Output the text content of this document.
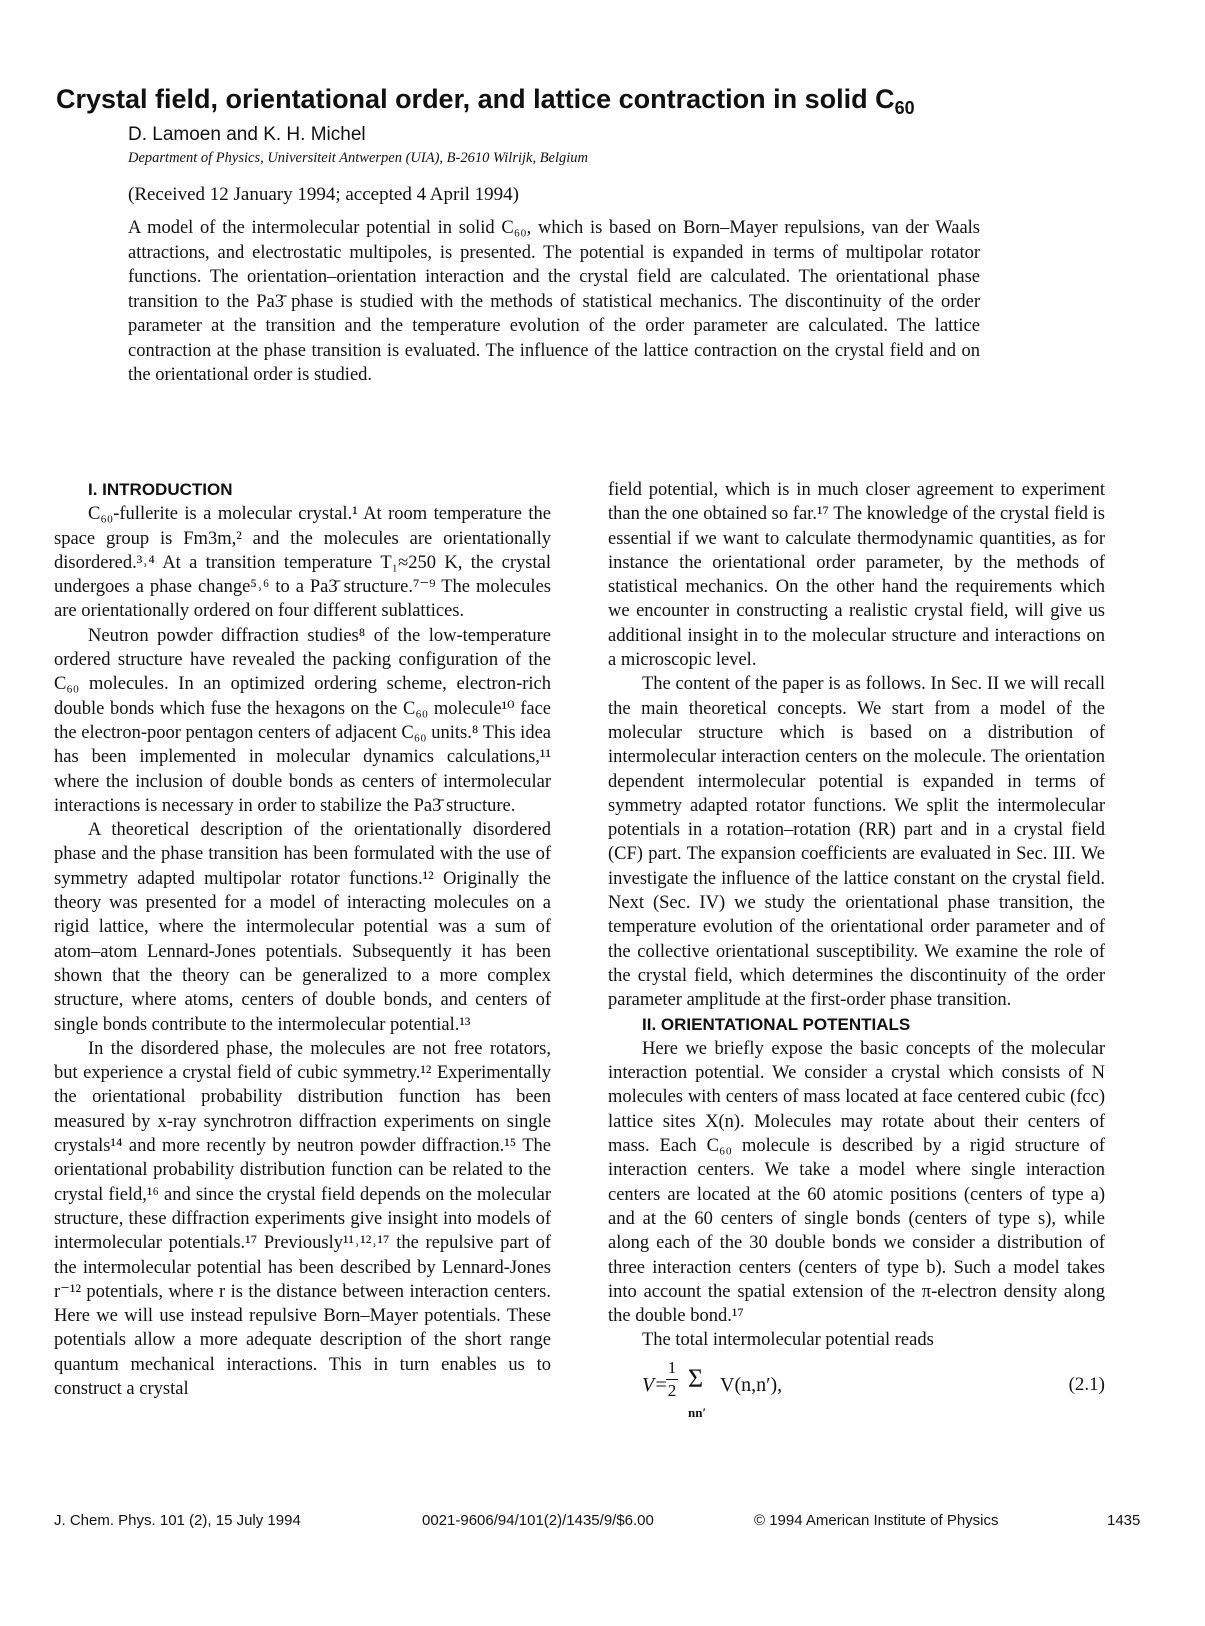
Crystal field, orientational order, and lattice contraction in solid $C_{60}$
D. Lamoen and K. H. Michel
Department of Physics, Universiteit Antwerpen (UIA), B-2610 Wilrijk, Belgium
(Received 12 January 1994; accepted 4 April 1994)
A model of the intermolecular potential in solid C₆₀, which is based on Born–Mayer repulsions, van der Waals attractions, and electrostatic multipoles, is presented. The potential is expanded in terms of multipolar rotator functions. The orientation–orientation interaction and the crystal field are calculated. The orientational phase transition to the Pa3̄ phase is studied with the methods of statistical mechanics. The discontinuity of the order parameter at the transition and the temperature evolution of the order parameter are calculated. The lattice contraction at the phase transition is evaluated. The influence of the lattice contraction on the crystal field and on the orientational order is studied.

I. INTRODUCTION

C₆₀-fullerite is a molecular crystal.¹ At room temperature the space group is Fm3m,² and the molecules are orientationally disordered.³˒⁴ At a transition temperature T₁≈250 K, the crystal undergoes a phase change⁵˒⁶ to a Pa3̄ structure.⁷⁻⁹ The molecules are orientationally ordered on four different sublattices.

Neutron powder diffraction studies⁸ of the low-temperature ordered structure have revealed the packing configuration of the C₆₀ molecules. In an optimized ordering scheme, electron-rich double bonds which fuse the hexagons on the C₆₀ molecule¹⁰ face the electron-poor pentagon centers of adjacent C₆₀ units.⁸ This idea has been implemented in molecular dynamics calculations,¹¹ where the inclusion of double bonds as centers of intermolecular interactions is necessary in order to stabilize the Pa3̄ structure.

A theoretical description of the orientationally disordered phase and the phase transition has been formulated with the use of symmetry adapted multipolar rotator functions.¹² Originally the theory was presented for a model of interacting molecules on a rigid lattice, where the intermolecular potential was a sum of atom–atom Lennard-Jones potentials. Subsequently it has been shown that the theory can be generalized to a more complex structure, where atoms, centers of double bonds, and centers of single bonds contribute to the intermolecular potential.¹³

In the disordered phase, the molecules are not free rotators, but experience a crystal field of cubic symmetry.¹² Experimentally the orientational probability distribution function has been measured by x-ray synchrotron diffraction experiments on single crystals¹⁴ and more recently by neutron powder diffraction.¹⁵ The orientational probability distribution function can be related to the crystal field,¹⁶ and since the crystal field depends on the molecular structure, these diffraction experiments give insight into models of intermolecular potentials.¹⁷ Previously¹¹˒¹²˒¹⁷ the repulsive part of the intermolecular potential has been described by Lennard-Jones r⁻¹² potentials, where r is the distance between interaction centers. Here we will use instead repulsive Born–Mayer potentials. These potentials allow a more adequate description of the short range quantum mechanical interactions. This in turn enables us to construct a crystal

field potential, which is in much closer agreement to experiment than the one obtained so far.¹⁷ The knowledge of the crystal field is essential if we want to calculate thermodynamic quantities, as for instance the orientational order parameter, by the methods of statistical mechanics. On the other hand the requirements which we encounter in constructing a realistic crystal field, will give us additional insight in to the molecular structure and interactions on a microscopic level.

The content of the paper is as follows. In Sec. II we will recall the main theoretical concepts. We start from a model of the molecular structure which is based on a distribution of intermolecular interaction centers on the molecule. The orientation dependent intermolecular potential is expanded in terms of symmetry adapted rotator functions. We split the intermolecular potentials in a rotation–rotation (RR) part and in a crystal field (CF) part. The expansion coefficients are evaluated in Sec. III. We investigate the influence of the lattice constant on the crystal field. Next (Sec. IV) we study the orientational phase transition, the temperature evolution of the orientational order parameter and of the collective orientational susceptibility. We examine the role of the crystal field, which determines the discontinuity of the order parameter amplitude at the first-order phase transition.

II. ORIENTATIONAL POTENTIALS

Here we briefly expose the basic concepts of the molecular interaction potential. We consider a crystal which consists of N molecules with centers of mass located at face centered cubic (fcc) lattice sites X(n). Molecules may rotate about their centers of mass. Each C₆₀ molecule is described by a rigid structure of interaction centers. We take a model where single interaction centers are located at the 60 atomic positions (centers of type a) and at the 60 centers of single bonds (centers of type s), while along each of the 30 double bonds we consider a distribution of three interaction centers (centers of type b). Such a model takes into account the spatial extension of the π-electron density along the double bond.¹⁷

The total intermolecular potential reads

V=
1
2 Σ
nn′
V(n,n′),	(2.1)
J. Chem. Phys. 101 (2), 15 July 1994	0021-9606/94/101(2)/1435/9/$6.00	© 1994 American Institute of Physics	1435
